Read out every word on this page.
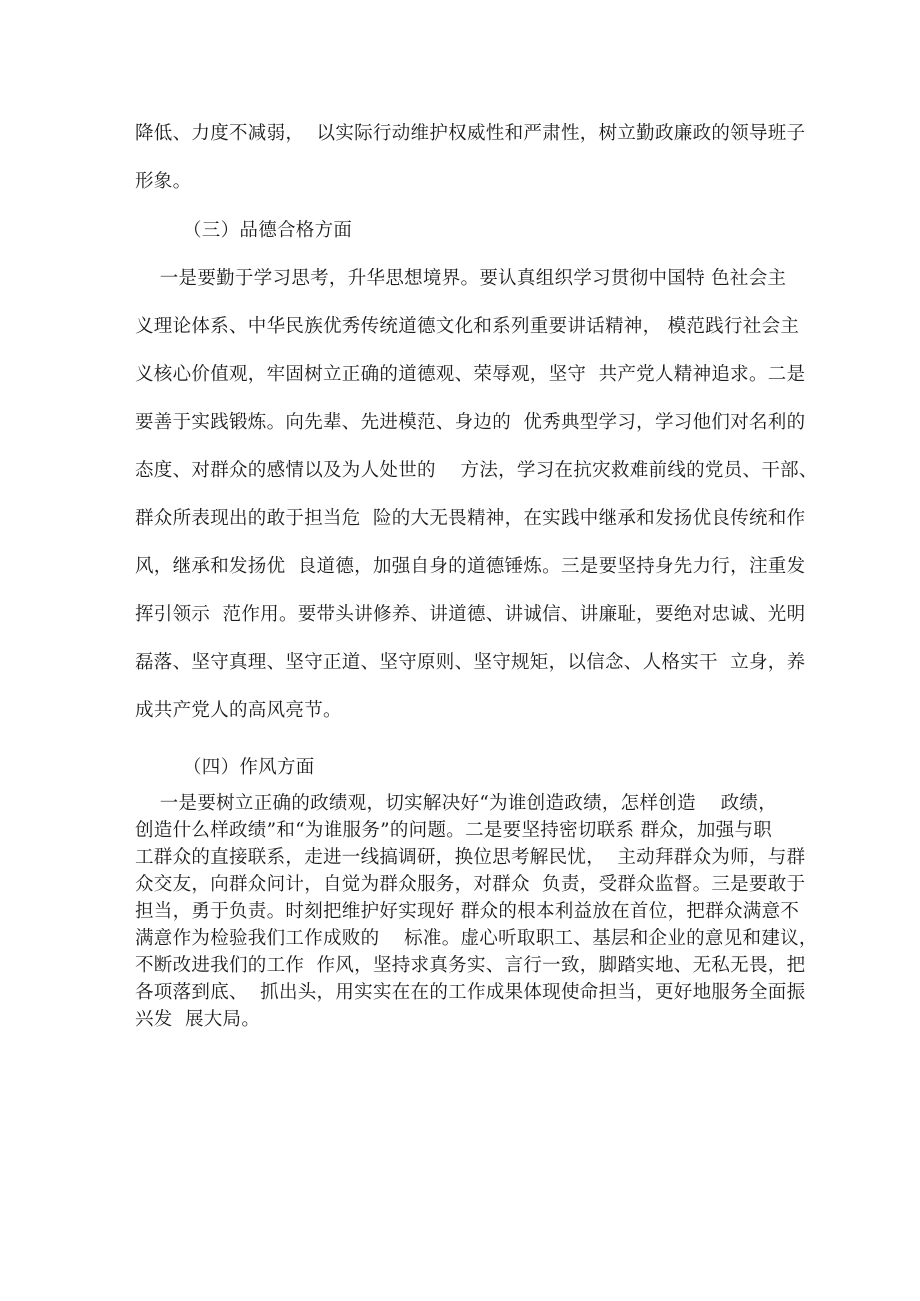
降低、力度不减弱，  以实际行动维护权威性和严肃性，树立勤政廉政的领导班子
形象。
（三）品德合格方面
一是要勤于学习思考，升华思想境界。要认真组织学习贯彻中国特 色社会主
义理论体系、中华民族优秀传统道德文化和系列重要讲话精神， 模范践行社会主
义核心价值观，牢固树立正确的道德观、荣辱观，坚守  共产党人精神追求。二是
要善于实践锻炼。向先辈、先进模范、身边的  优秀典型学习，学习他们对名利的
态度、对群众的感情以及为人处世的    方法，学习在抗灾救难前线的党员、干部、
群众所表现出的敢于担当危  险的大无畏精神，在实践中继承和发扬优良传统和作
风，继承和发扬优  良道德，加强自身的道德锤炼。三是要坚持身先力行，注重发
挥引领示  范作用。要带头讲修养、讲道德、讲诚信、讲廉耻，要绝对忠诚、光明
磊落、坚守真理、坚守正道、坚守原则、坚守规矩，以信念、人格实干  立身，养
成共产党人的高风亮节。
（四）作风方面
一是要树立正确的政绩观，切实解决好“为谁创造政绩，怎样创造    政绩，
创造什么样政绩”和“为谁服务”的问题。二是要坚持密切联系 群众，加强与职
工群众的直接联系，走进一线搞调研，换位思考解民忧，  主动拜群众为师，与群
众交友，向群众问计，自觉为群众服务，对群众  负责，受群众监督。三是要敢于
担当，勇于负责。时刻把维护好实现好 群众的根本利益放在首位，把群众满意不
满意作为检验我们工作成败的    标准。虚心听取职工、基层和企业的意见和建议，
不断改进我们的工作  作风，坚持求真务实、言行一致，脚踏实地、无私无畏，把
各项落到底、  抓出头，用实实在在的工作成果体现使命担当，更好地服务全面振
兴发  展大局。
